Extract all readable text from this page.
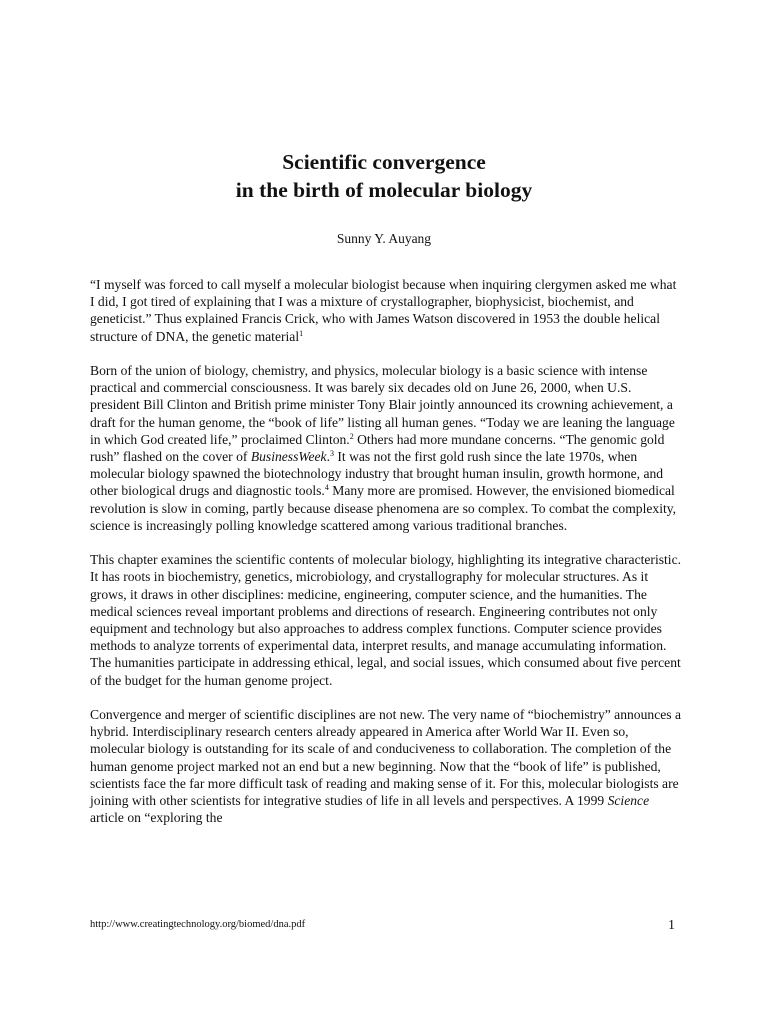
Scientific convergence
in the birth of molecular biology
Sunny Y. Auyang

“I myself was forced to call myself a molecular biologist because when inquiring clergymen asked me what I did, I got tired of explaining that I was a mixture of crystallographer, biophysicist, biochemist, and geneticist.” Thus explained Francis Crick, who with James Watson discovered in 1953 the double helical structure of DNA, the genetic material$^1$

Born of the union of biology, chemistry, and physics, molecular biology is a basic science with intense practical and commercial consciousness. It was barely six decades old on June 26, 2000, when U.S. president Bill Clinton and British prime minister Tony Blair jointly announced its crowning achievement, a draft for the human genome, the “book of life” listing all human genes. “Today we are leaning the language in which God created life,” proclaimed Clinton.$^2$ Others had more mundane concerns. “The genomic gold rush” flashed on the cover of BusinessWeek.$^3$ It was not the first gold rush since the late 1970s, when molecular biology spawned the biotechnology industry that brought human insulin, growth hormone, and other biological drugs and diagnostic tools.$^4$ Many more are promised. However, the envisioned biomedical revolution is slow in coming, partly because disease phenomena are so complex. To combat the complexity, science is increasingly polling knowledge scattered among various traditional branches.

This chapter examines the scientific contents of molecular biology, highlighting its integrative characteristic. It has roots in biochemistry, genetics, microbiology, and crystallography for molecular structures. As it grows, it draws in other disciplines: medicine, engineering, computer science, and the humanities. The medical sciences reveal important problems and directions of research. Engineering contributes not only equipment and technology but also approaches to address complex functions. Computer science provides methods to analyze torrents of experimental data, interpret results, and manage accumulating information. The humanities participate in addressing ethical, legal, and social issues, which consumed about five percent of the budget for the human genome project.

Convergence and merger of scientific disciplines are not new. The very name of “biochemistry” announces a hybrid. Interdisciplinary research centers already appeared in America after World War II. Even so, molecular biology is outstanding for its scale of and conduciveness to collaboration. The completion of the human genome project marked not an end but a new beginning. Now that the “book of life” is published, scientists face the far more difficult task of reading and making sense of it. For this, molecular biologists are joining with other scientists for integrative studies of life in all levels and perspectives. A 1999 Science article on “exploring the

http://www.creatingtechnology.org/biomed/dna.pdf	1
